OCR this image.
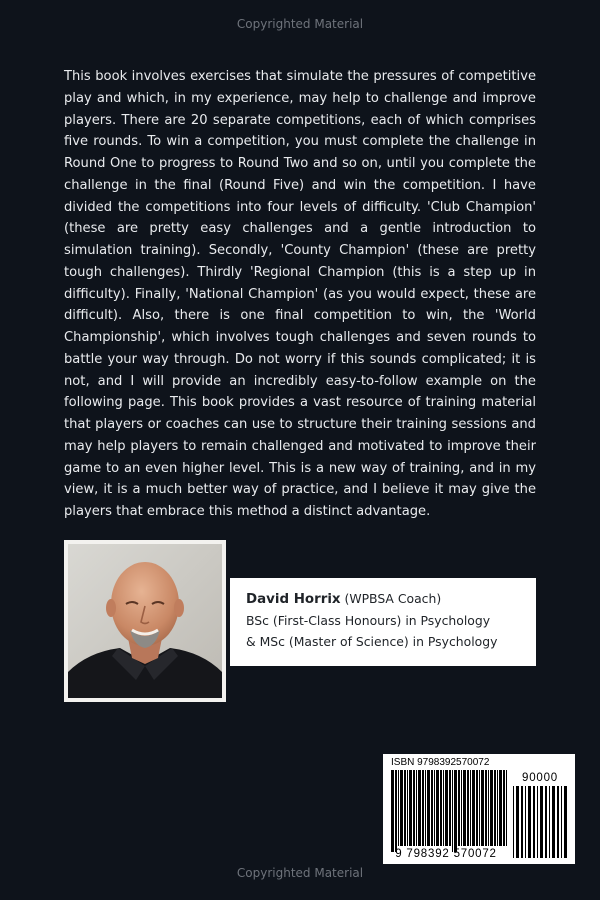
Copyrighted Material

This book involves exercises that simulate the pressures of competitive play and which, in my experience, may help to challenge and improve players. There are 20 separate competitions, each of which comprises five rounds. To win a competition, you must complete the challenge in Round One to progress to Round Two and so on, until you complete the challenge in the final (Round Five) and win the competition. I have divided the competitions into four levels of difficulty. 'Club Champion' (these are pretty easy challenges and a gentle introduction to simulation training). Secondly, 'County Champion' (these are pretty tough challenges). Thirdly 'Regional Champion (this is a step up in difficulty). Finally, 'National Champion' (as you would expect, these are difficult). Also, there is one final competition to win, the 'World Championship', which involves tough challenges and seven rounds to battle your way through. Do not worry if this sounds complicated; it is not, and I will provide an incredibly easy-to-follow example on the following page. This book provides a vast resource of training material that players or coaches can use to structure their training sessions and may help players to remain challenged and motivated to improve their game to an even higher level. This is a new way of training, and in my view, it is a much better way of practice, and I believe it may give the players that embrace this method a distinct advantage.

David Horrix (WPBSA Coach)
BSc (First-Class Honours) in Psychology
& MSc (Master of Science) in Psychology
ISBN 9798392570072
9 798392 570072
90000
Copyrighted Material
